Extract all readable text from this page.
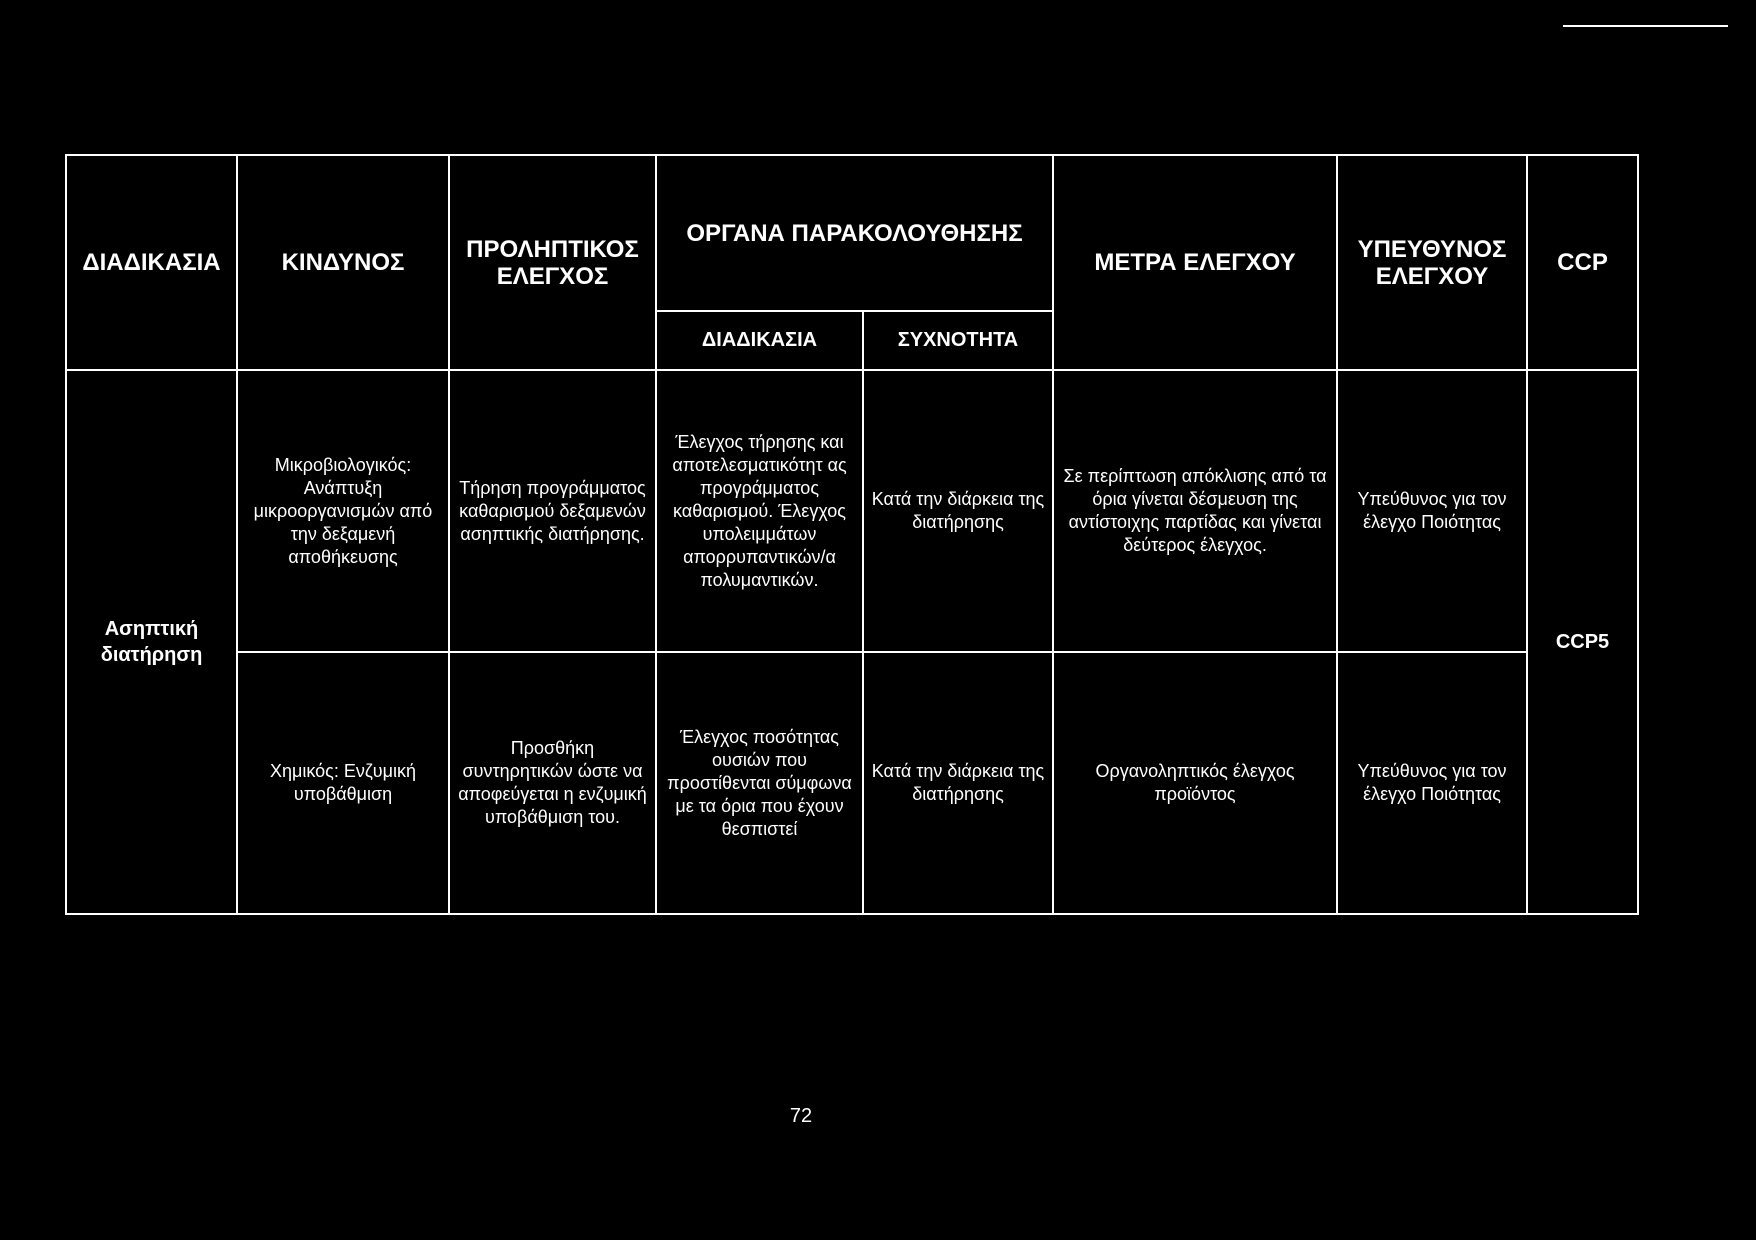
ΔΙΑΔΙΚΑΣΙΑ	ΚΙΝΔΥΝΟΣ	ΠΡΟΛΗΠΤΙΚΟΣ ΕΛΕΓΧΟΣ	ΟΡΓΑΝΑ ΠΑΡΑΚΟΛΟΥΘΗΣΗΣ		ΜΕΤΡΑ ΕΛΕΓΧΟΥ	ΥΠΕΥΘΥΝΟΣ ΕΛΕΓΧΟΥ	CCP
			ΔΙΑΔΙΚΑΣΙΑ	ΣΥΧΝΟΤΗΤΑ			
Ασηπτική διατήρηση	Μικροβιολογικός: Ανάπτυξη μικροοργανισμών από την δεξαμενή αποθήκευσης	Τήρηση προγράμματος καθαρισμού δεξαμενών ασηπτικής διατήρησης.	Έλεγχος τήρησης και αποτελεσματικότητ ας προγράμματος καθαρισμού. Έλεγχος υπολειμμάτων απορρυπαντικών/α πολυμαντικών.	Κατά την διάρκεια της διατήρησης	Σε περίπτωση απόκλισης από τα όρια γίνεται δέσμευση της αντίστοιχης παρτίδας και γίνεται δεύτερος έλεγχος.	Υπεύθυνος για τον έλεγχο Ποιότητας	CCP5
	Χημικός: Ενζυμική υποβάθμιση	Προσθήκη συντηρητικών ώστε να αποφεύγεται η ενζυμική υποβάθμιση του.	Έλεγχος ποσότητας ουσιών που προστίθενται σύμφωνα με τα όρια που έχουν θεσπιστεί	Κατά την διάρκεια της διατήρησης	Οργανοληπτικός έλεγχος προϊόντος	Υπεύθυνος για τον έλεγχο Ποιότητας	
72
